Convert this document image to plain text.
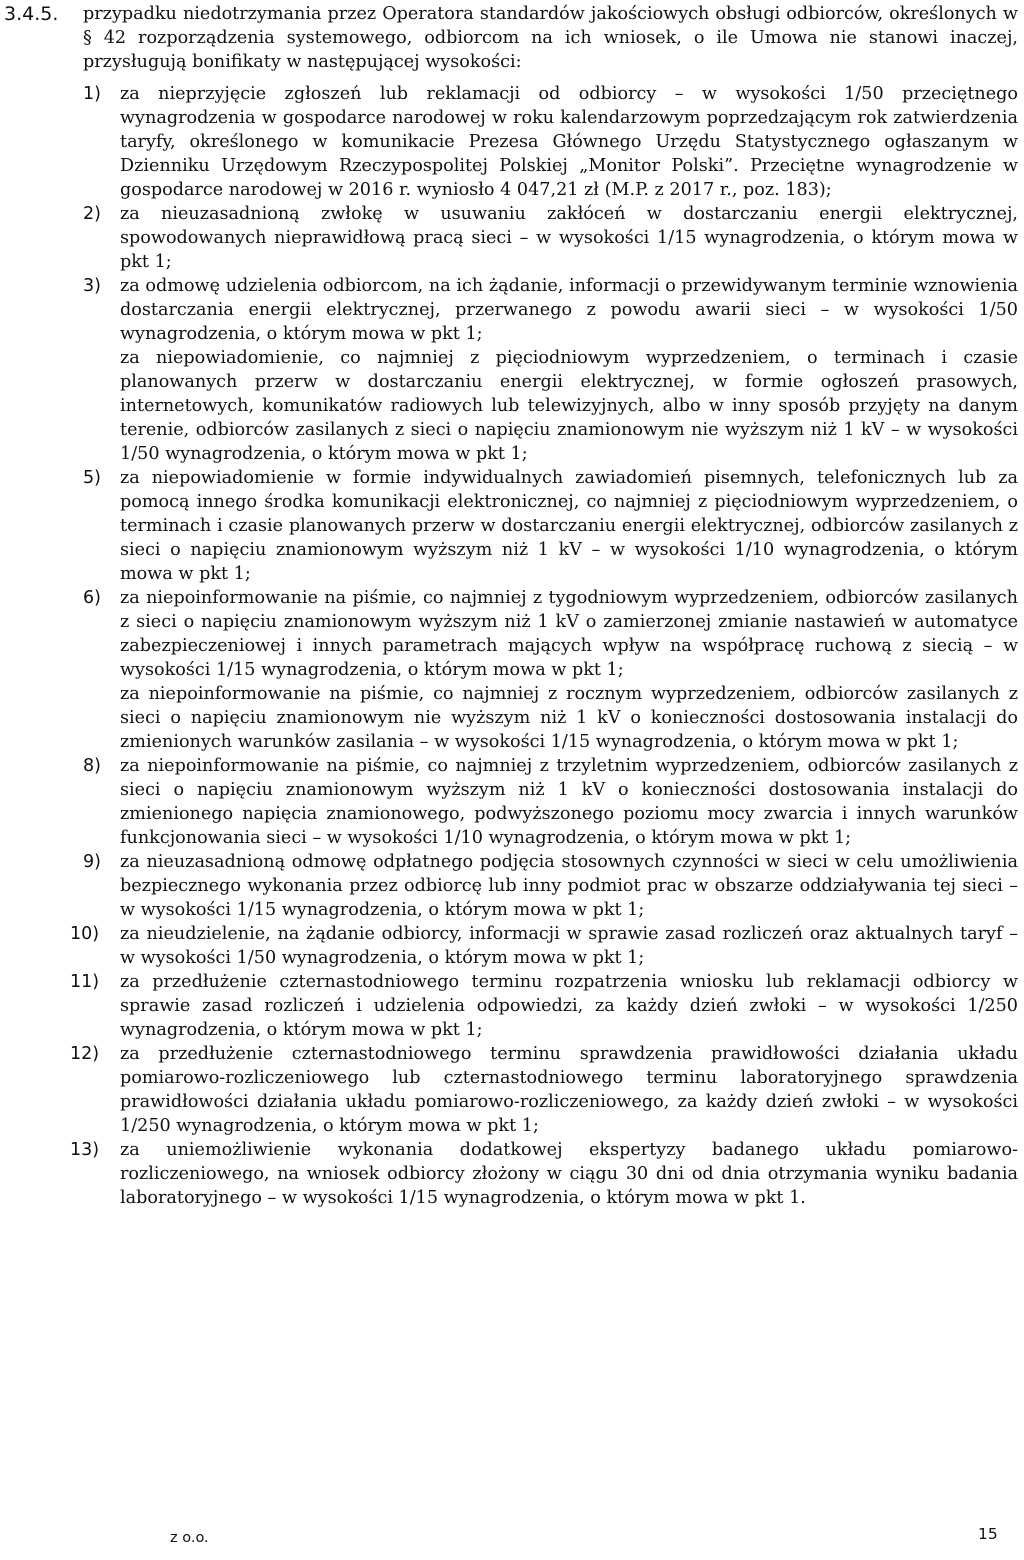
3.4.5. przypadku niedotrzymania przez Operatora standardów jakościowych obsługi odbiorców, określonych w § 42 rozporządzenia systemowego, odbiorcom na ich wniosek, o ile Umowa nie stanowi inaczej, przysługują bonifikaty w następującej wysokości:

1) za nieprzyjęcie zgłoszeń lub reklamacji od odbiorcy – w wysokości 1/50 przeciętnego wynagrodzenia w gospodarce narodowej w roku kalendarzowym poprzedzającym rok zatwierdzenia taryfy, określonego w komunikacie Prezesa Głównego Urzędu Statystycznego ogłaszanym w Dzienniku Urzędowym Rzeczypospolitej Polskiej „Monitor Polski”. Przeciętne wynagrodzenie w gospodarce narodowej w 2016 r. wyniosło 4 047,21 zł (M.P. z 2017 r., poz. 183);
2) za nieuzasadnioną zwłokę w usuwaniu zakłóceń w dostarczaniu energii elektrycznej, spowodowanych nieprawidłową pracą sieci – w wysokości 1/15 wynagrodzenia, o którym mowa w pkt 1;
3) za odmowę udzielenia odbiorcom, na ich żądanie, informacji o przewidywanym terminie wznowienia dostarczania energii elektrycznej, przerwanego z powodu awarii sieci – w wysokości 1/50 wynagrodzenia, o którym mowa w pkt 1;
za niepowiadomienie, co najmniej z pięciodniowym wyprzedzeniem, o terminach i czasie planowanych przerw w dostarczaniu energii elektrycznej, w formie ogłoszeń prasowych, internetowych, komunikatów radiowych lub telewizyjnych, albo w inny sposób przyjęty na danym terenie, odbiorców zasilanych z sieci o napięciu znamionowym nie wyższym niż 1 kV – w wysokości 1/50 wynagrodzenia, o którym mowa w pkt 1;
5) za niepowiadomienie w formie indywidualnych zawiadomień pisemnych, telefonicznych lub za pomocą innego środka komunikacji elektronicznej, co najmniej z pięciodniowym wyprzedzeniem, o terminach i czasie planowanych przerw w dostarczaniu energii elektrycznej, odbiorców zasilanych z sieci o napięciu znamionowym wyższym niż 1 kV – w wysokości 1/10 wynagrodzenia, o którym mowa w pkt 1;
6) za niepoinformowanie na piśmie, co najmniej z tygodniowym wyprzedzeniem, odbiorców zasilanych z sieci o napięciu znamionowym wyższym niż 1 kV o zamierzonej zmianie nastawień w automatyce zabezpieczeniowej i innych parametrach mających wpływ na współpracę ruchową z siecią – w wysokości 1/15 wynagrodzenia, o którym mowa w pkt 1;
za niepoinformowanie na piśmie, co najmniej z rocznym wyprzedzeniem, odbiorców zasilanych z sieci o napięciu znamionowym nie wyższym niż 1 kV o konieczności dostosowania instalacji do zmienionych warunków zasilania – w wysokości 1/15 wynagrodzenia, o którym mowa w pkt 1;
8) za niepoinformowanie na piśmie, co najmniej z trzyletnim wyprzedzeniem, odbiorców zasilanych z sieci o napięciu znamionowym wyższym niż 1 kV o konieczności dostosowania instalacji do zmienionego napięcia znamionowego, podwyższonego poziomu mocy zwarcia i innych warunków funkcjonowania sieci – w wysokości 1/10 wynagrodzenia, o którym mowa w pkt 1;
9) za nieuzasadnioną odmowę odpłatnego podjęcia stosownych czynności w sieci w celu umożliwienia bezpiecznego wykonania przez odbiorcę lub inny podmiot prac w obszarze oddziaływania tej sieci – w wysokości 1/15 wynagrodzenia, o którym mowa w pkt 1;
10) za nieudzielenie, na żądanie odbiorcy, informacji w sprawie zasad rozliczeń oraz aktualnych taryf – w wysokości 1/50 wynagrodzenia, o którym mowa w pkt 1;
11) za przedłużenie czternastodniowego terminu rozpatrzenia wniosku lub reklamacji odbiorcy w sprawie zasad rozliczeń i udzielenia odpowiedzi, za każdy dzień zwłoki – w wysokości 1/250 wynagrodzenia, o którym mowa w pkt 1;
12) za przedłużenie czternastodniowego terminu sprawdzenia prawidłowości działania układu pomiarowo-rozliczeniowego lub czternastodniowego terminu laboratoryjnego sprawdzenia prawidłowości działania układu pomiarowo-rozliczeniowego, za każdy dzień zwłoki – w wysokości 1/250 wynagrodzenia, o którym mowa w pkt 1;
13) za uniemożliwienie wykonania dodatkowej ekspertyzy badanego układu pomiarowo-rozliczeniowego, na wniosek odbiorcy złożony w ciągu 30 dni od dnia otrzymania wyniku badania laboratoryjnego – w wysokości 1/15 wynagrodzenia, o którym mowa w pkt 1.
z o.o.	15
